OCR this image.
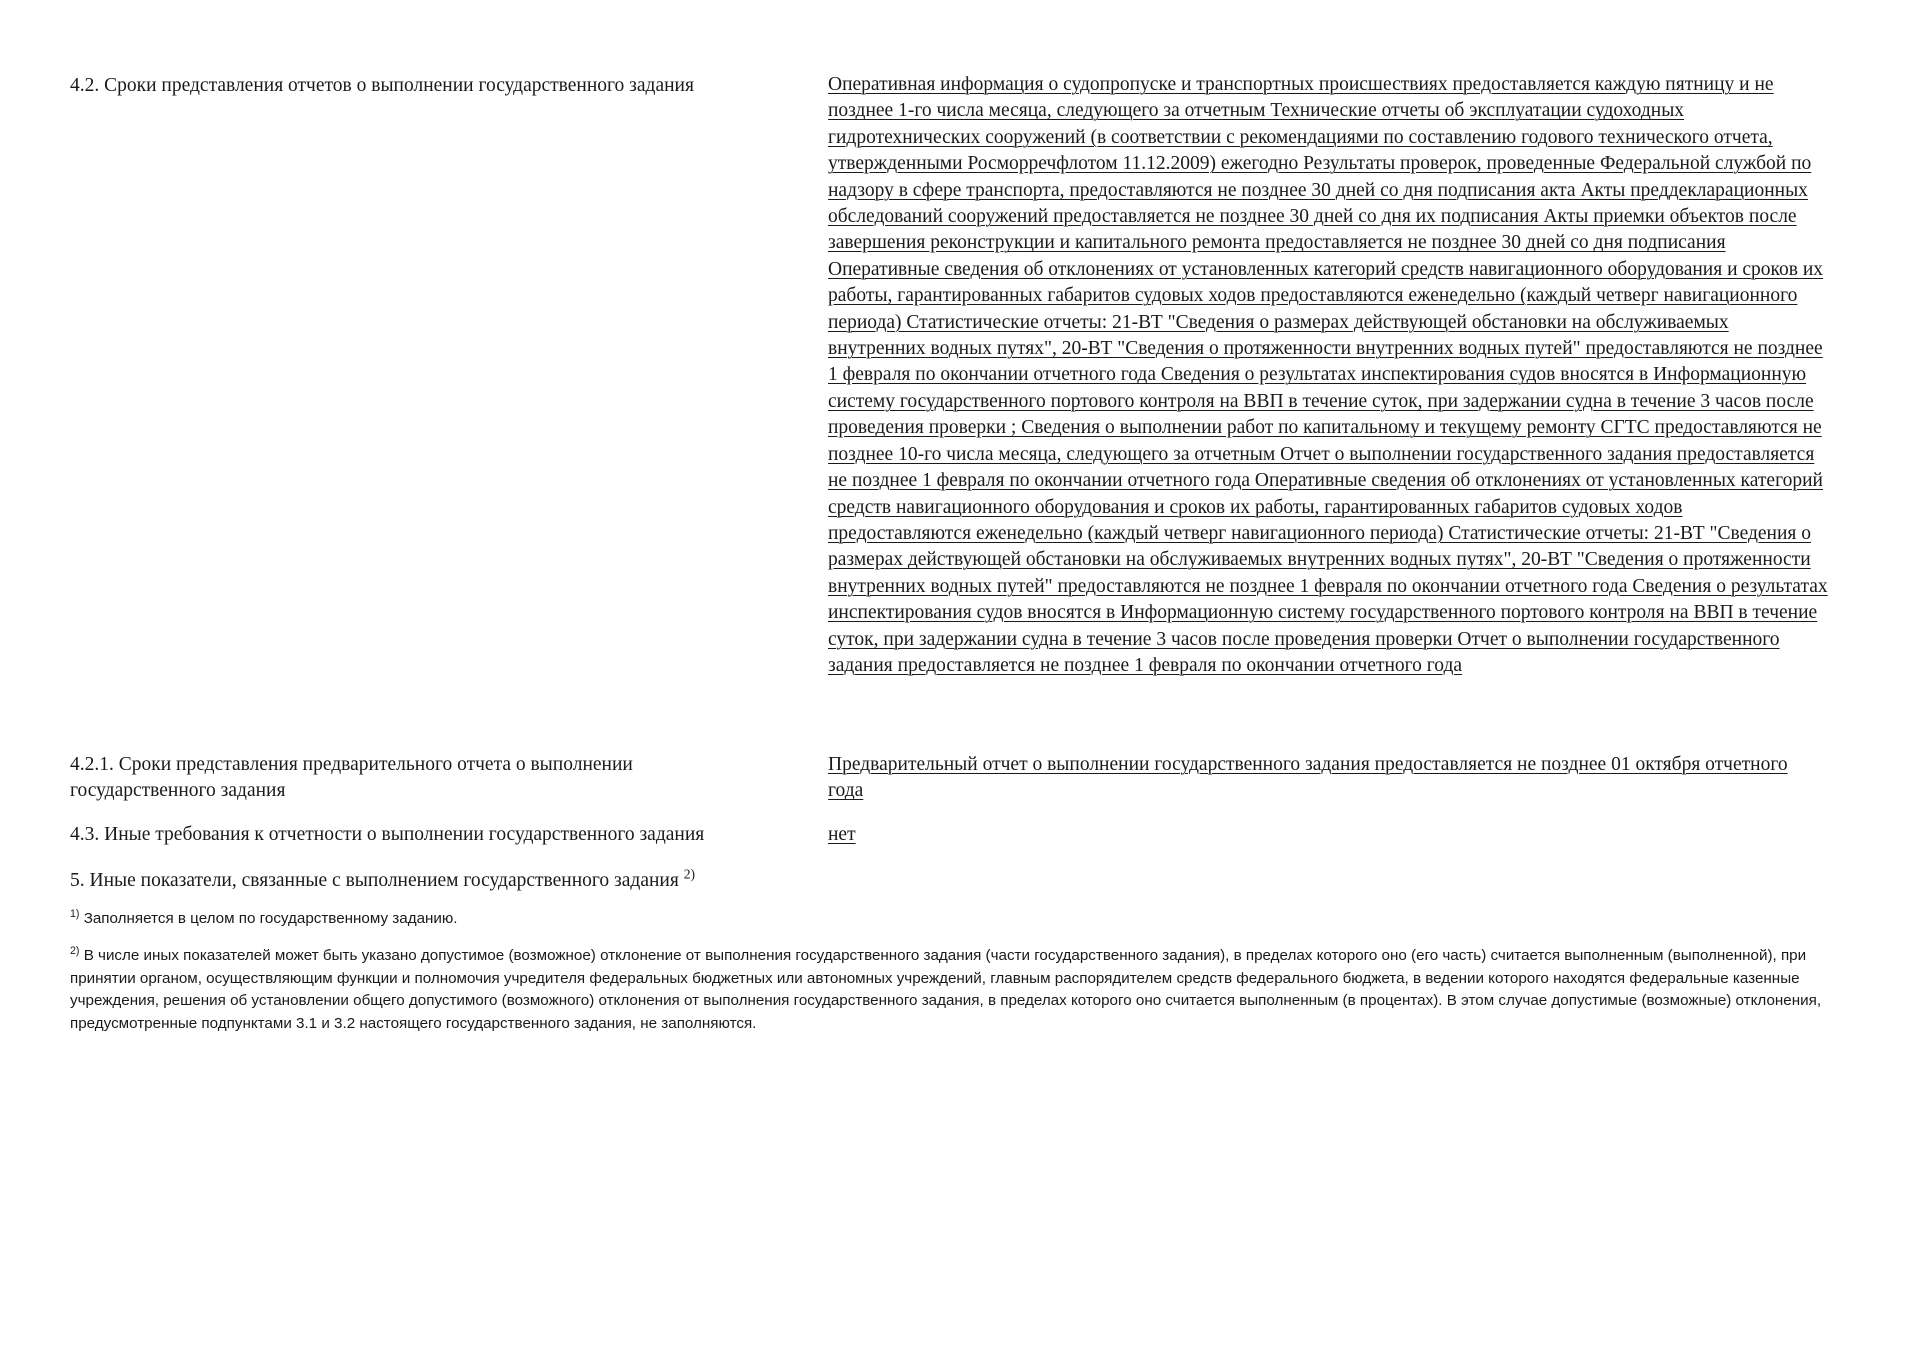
4.2. Сроки представления отчетов о выполнении государственного задания	Оперативная информация о судопропуске и транспортных происшествиях предоставляется каждую пятницу и не позднее 1-го числа месяца, следующего за отчетным Технические отчеты об эксплуатации судоходных гидротехнических сооружений (в соответствии с рекомендациями по составлению годового технического отчета, утвержденными Росморречфлотом 11.12.2009) ежегодно Результаты проверок, проведенные Федеральной службой по надзору в сфере транспорта, предоставляются не позднее 30 дней со дня подписания акта Акты преддекларационных обследований сооружений предоставляется не позднее 30 дней со дня их подписания Акты приемки объектов после завершения реконструкции и капитального ремонта предоставляется не позднее 30 дней со дня подписания Оперативные сведения об отклонениях от установленных категорий средств навигационного оборудования и сроков их работы, гарантированных габаритов судовых ходов предоставляются еженедельно (каждый четверг навигационного периода) Статистические отчеты: 21-ВТ "Сведения о размерах действующей обстановки на обслуживаемых внутренних водных путях", 20-ВТ "Сведения о протяженности внутренних водных путей" предоставляются не позднее 1 февраля по окончании отчетного года Сведения о результатах инспектирования судов вносятся в Информационную систему государственного портового контроля на ВВП в течение суток, при задержании судна в течение 3 часов после проведения проверки ; Сведения о выполнении работ по капитальному и текущему ремонту СГТС предоставляются не позднее 10-го числа месяца, следующего за отчетным Отчет о выполнении государственного задания предоставляется не позднее 1 февраля по окончании отчетного года Оперативные сведения об отклонениях от установленных категорий средств навигационного оборудования и сроков их работы, гарантированных габаритов судовых ходов предоставляются еженедельно (каждый четверг навигационного периода) Статистические отчеты: 21-ВТ "Сведения о размерах действующей обстановки на обслуживаемых внутренних водных путях", 20-ВТ "Сведения о протяженности внутренних водных путей" предоставляются не позднее 1 февраля по окончании отчетного года Сведения о результатах инспектирования судов вносятся в Информационную систему государственного портового контроля на ВВП в течение суток, при задержании судна в течение 3 часов после проведения проверки Отчет о выполнении государственного задания предоставляется не позднее 1 февраля по окончании отчетного года
4.2.1. Сроки представления предварительного отчета о выполнении государственного задания
Предварительный отчет о выполнении государственного задания предоставляется не позднее 01 октября отчетного года
4.3. Иные требования к отчетности о выполнении государственного задания	нет
5. Иные показатели, связанные с выполнением государственного задания $^{2)}$
$^{1)}$ Заполняется в целом по государственному заданию.
$^{2)}$ В числе иных показателей может быть указано допустимое (возможное) отклонение от выполнения государственного задания (части государственного задания), в пределах которого оно (его часть) считается выполненным (выполненной), при принятии органом, осуществляющим функции и полномочия учредителя федеральных бюджетных или автономных учреждений, главным распорядителем средств федерального бюджета, в ведении которого находятся федеральные казенные учреждения, решения об установлении общего допустимого (возможного) отклонения от выполнения государственного задания, в пределах которого оно считается выполненным (в процентах). В этом случае допустимые (возможные) отклонения, предусмотренные подпунктами 3.1 и 3.2 настоящего государственного задания, не заполняются.
